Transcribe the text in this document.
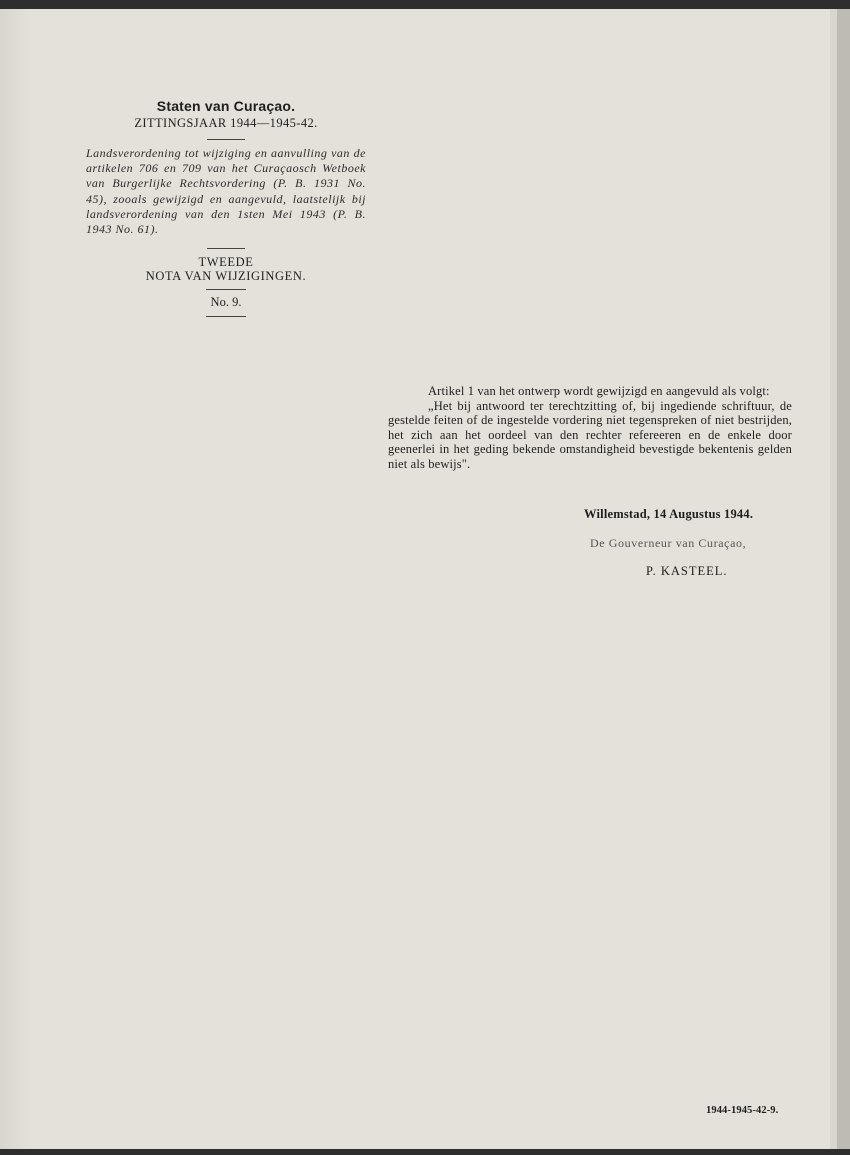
Staten van Curaçao.

ZITTINGSJAAR 1944—1945-42.

Landsverordening tot wijziging en aanvulling van de artikelen 706 en 709 van het Curaçaosch Wetboek van Burgerlijke Rechtsvordering (P. B. 1931 No. 45), zooals gewijzigd en aangevuld, laatstelijk bij landsverordening van den 1sten Mei 1943 (P. B. 1943 No. 61).

TWEEDE

NOTA VAN WIJZIGINGEN.

No. 9.

Artikel 1 van het ontwerp wordt gewijzigd en aangevuld als volgt:

„Het bij antwoord ter terechtzitting of, bij ingediende schriftuur, de gestelde feiten of de ingestelde vordering niet tegenspreken of niet bestrijden, het zich aan het oordeel van den rechter refereeren en de enkele door geenerlei in het geding bekende omstandigheid bevestigde bekentenis gelden niet als bewijs".

Willemstad, 14 Augustus 1944.

De Gouverneur van Curaçao,

P. KASTEEL.

1944-1945-42-9.
